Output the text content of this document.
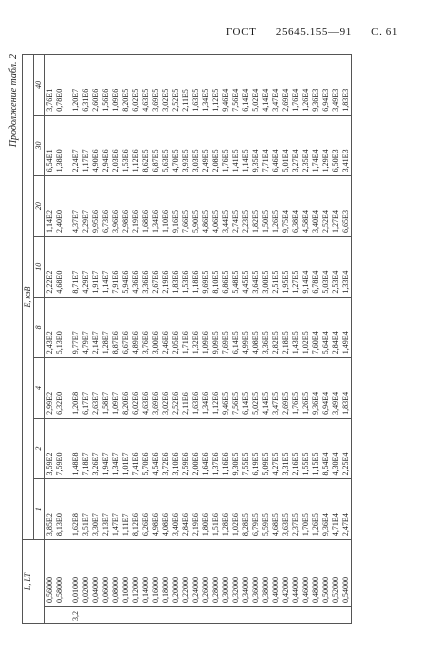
ГОСТ 25645.155—91 С. 61
Продолжение табл. 2
L, LT		E, кэВ							
		1	2	4	8	10	20	30	40
	0,56000	3,85E2	3,59E2	2,99E2	2,43E2	2,22E2	1,14E2	6,54E1	3,76E1
	0,58000	8,13E0	7,59E0	6,32E0	5,13E0	4,68E0	2,40E0	1,38E0	0,78E0

3,2	0,01000	1,62E8	1,48E8	1,20E8	9,77E7	8,71E7	4,37E7	2,24E7	1,20E7
	0,02000	3,51E7	7,18E7	6,17E7	4,79E7	4,29E7	2,29E7	1,17E7	6,31E6
	0,04000	3,30E7	3,26E7	2,63E7	2,14E7	1,91E7	9,95E6	4,90E6	2,60E6
	0,06000	2,13E7	1,94E7	1,58E7	1,28E7	1,14E7	6,73E6	2,94E6	1,56E6
	0,08000	1,47E7	1,34E7	1,09E7	8,87E6	7,91E6	3,96E6	2,03E6	1,09E6
	0,10000	1,11E7	1,01E7	8,20E6	6,67E6	5,94E6	2,98E6	1,53E6	8,20E5
	0,12000	8,12E6	7,41E6	6,02E6	4,89E6	4,36E6	2,19E6	1,12E6	6,02E5
	0,14000	6,26E6	5,70E6	4,63E6	3,76E6	3,36E6	1,68E6	8,62E5	4,63E5
	0,16000	4,98E6	4,54E6	3,69E6	3,00E6	2,67E6	1,34E6	6,87E5	3,69E5
	0,18000	4,08E6	3,72E6	3,02E6	2,46E6	2,19E6	1,10E6	5,63E5	3,02E5
	0,20000	3,40E6	3,10E6	2,52E6	2,05E6	1,83E6	9,16E5	4,70E5	2,52E5
	0,22000	2,84E6	2,59E6	2,11E6	1,71E6	1,53E6	7,66E5	3,93E5	2,11E5
	0,24000	2,19E6	2,00E6	1,63E6	1,32E6	1,18E6	5,90E5	3,03E5	1,63E5
	0,26000	1,80E6	1,64E6	1,34E6	1,09E6	9,69E5	4,86E5	2,49E5	1,34E5
	0,28000	1,51E6	1,37E6	1,12E6	9,09E5	8,10E5	4,06E5	2,08E5	1,12E5
	0,30000	1,28E6	1,16E6	9,46E5	7,69E5	6,86E5	3,44E5	1,76E5	9,46E4
	0,32000	1,02E6	9,30E5	7,56E5	6,14E5	5,48E5	2,74E5	1,41E5	7,56E4
	0,34000	8,28E5	7,55E5	6,14E5	4,99E5	4,45E5	2,23E5	1,14E5	6,14E4
	0,36000	6,79E5	6,19E5	5,02E5	4,08E5	3,64E5	1,82E5	9,35E4	5,02E4
	0,38000	5,59E5	5,09E5	4,14E5	3,36E5	3,00E5	1,50E5	7,71E4	4,14E4
	0,40000	4,68E5	4,27E5	3,47E5	2,82E5	2,51E5	1,26E5	6,46E4	3,47E4
	0,42000	3,63E5	3,31E5	2,69E5	2,18E5	1,95E5	9,75E4	5,01E4	2,69E4
	0,44000	2,37E5	2,16E5	1,76E5	1,43E5	1,27E5	6,38E4	3,27E4	1,76E4
	0,46000	1,70E5	1,55E5	1,26E5	1,02E5	9,14E4	4,58E4	2,35E4	1,26E4
	0,48000	1,26E5	1,15E5	9,36E4	7,60E4	6,78E4	3,40E4	1,74E4	9,36E3
	0,50000	9,36E4	8,54E4	6,94E4	5,64E4	5,03E4	2,52E4	1,29E4	6,94E3
	0,52000	4,71E4	4,30E4	3,49E4	2,84E4	2,53E4	1,27E4	6,50E3	3,49E3
	0,54000	2,47E4	2,25E4	1,83E4	1,49E4	1,33E4	6,65E3	3,41E3	1,83E3
